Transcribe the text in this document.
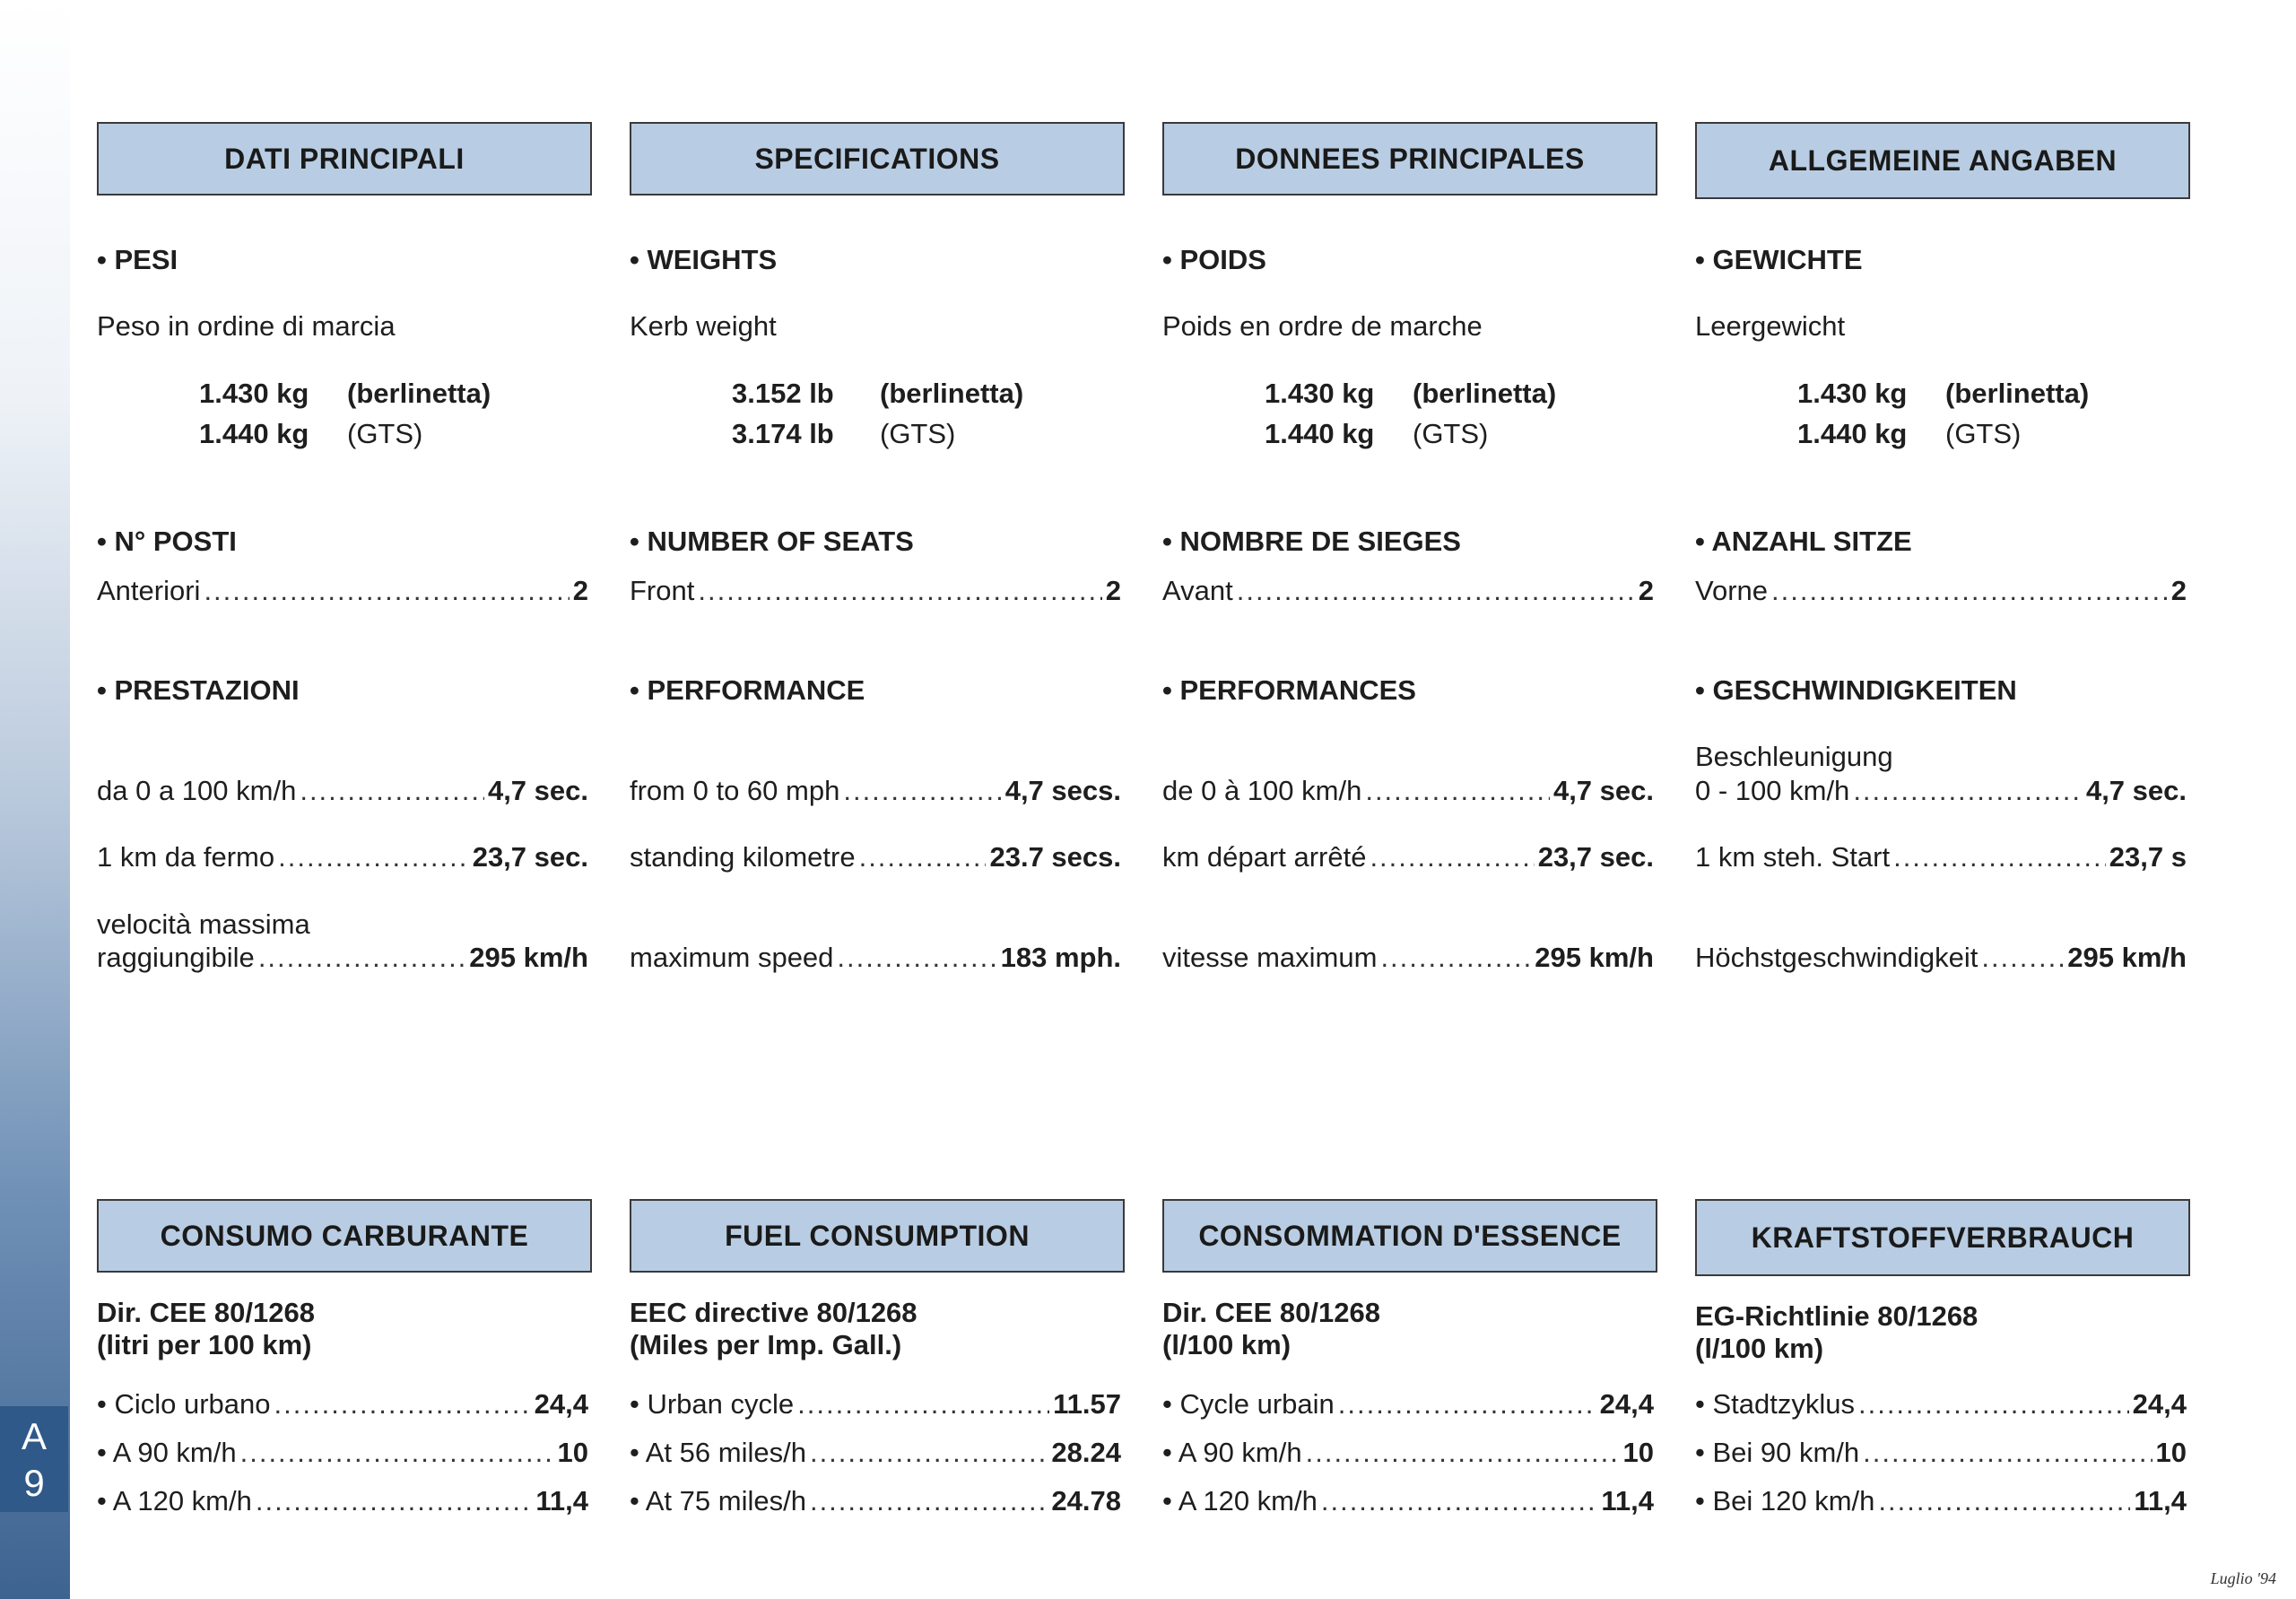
A
9
DATI PRINCIPALI
• PESI
Peso in ordine di marcia
1.430 kg (berlinetta)
1.440 kg (GTS)
• N° POSTI
Anteriori .....	2
• PRESTAZIONI
da 0 a 100 km/h .....	4,7 sec.
1 km da fermo .....	23,7 sec.
velocità massima
raggiungibile .....	295 km/h
CONSUMO CARBURANTE
Dir. CEE 80/1268
(litri per 100 km)
• Ciclo urbano .....	24,4
• A 90 km/h .....	10
• A 120 km/h .....	11,4
SPECIFICATIONS
• WEIGHTS
Kerb weight
3.152 lb (berlinetta)
3.174 lb (GTS)
• NUMBER OF SEATS
Front .....	2
• PERFORMANCE
from 0 to 60 mph .....	4,7 secs.
standing kilometre .....	23.7 secs.
maximum speed .....	183 mph.
FUEL CONSUMPTION
EEC directive 80/1268
(Miles per Imp. Gall.)
• Urban cycle .....	11.57
• At 56 miles/h .....	28.24
• At 75 miles/h .....	24.78
DONNEES PRINCIPALES
• POIDS
Poids en ordre de marche
1.430 kg (berlinetta)
1.440 kg (GTS)
• NOMBRE DE SIEGES
Avant .....	2
• PERFORMANCES
de 0 à 100 km/h .....	4,7 sec.
km départ arrêté .....	23,7 sec.
vitesse maximum .....	295 km/h
CONSOMMATION D'ESSENCE
Dir. CEE 80/1268
(l/100 km)
• Cycle urbain .....	24,4
• A 90 km/h .....	10
• A 120 km/h .....	11,4
ALLGEMEINE ANGABEN
• GEWICHTE
Leergewicht
1.430 kg (berlinetta)
1.440 kg (GTS)
• ANZAHL SITZE
Vorne .....	2
• GESCHWINDIGKEITEN
Beschleunigung
0 - 100 km/h .....	4,7 sec.
1 km steh. Start .....	23,7 s
Höchstgeschwindigkeit .....	295 km/h
KRAFTSTOFFVERBRAUCH
EG-Richtlinie 80/1268
(l/100 km)
• Stadtzyklus .....	24,4
• Bei 90 km/h .....	10
• Bei 120 km/h .....	11,4
Luglio '94
